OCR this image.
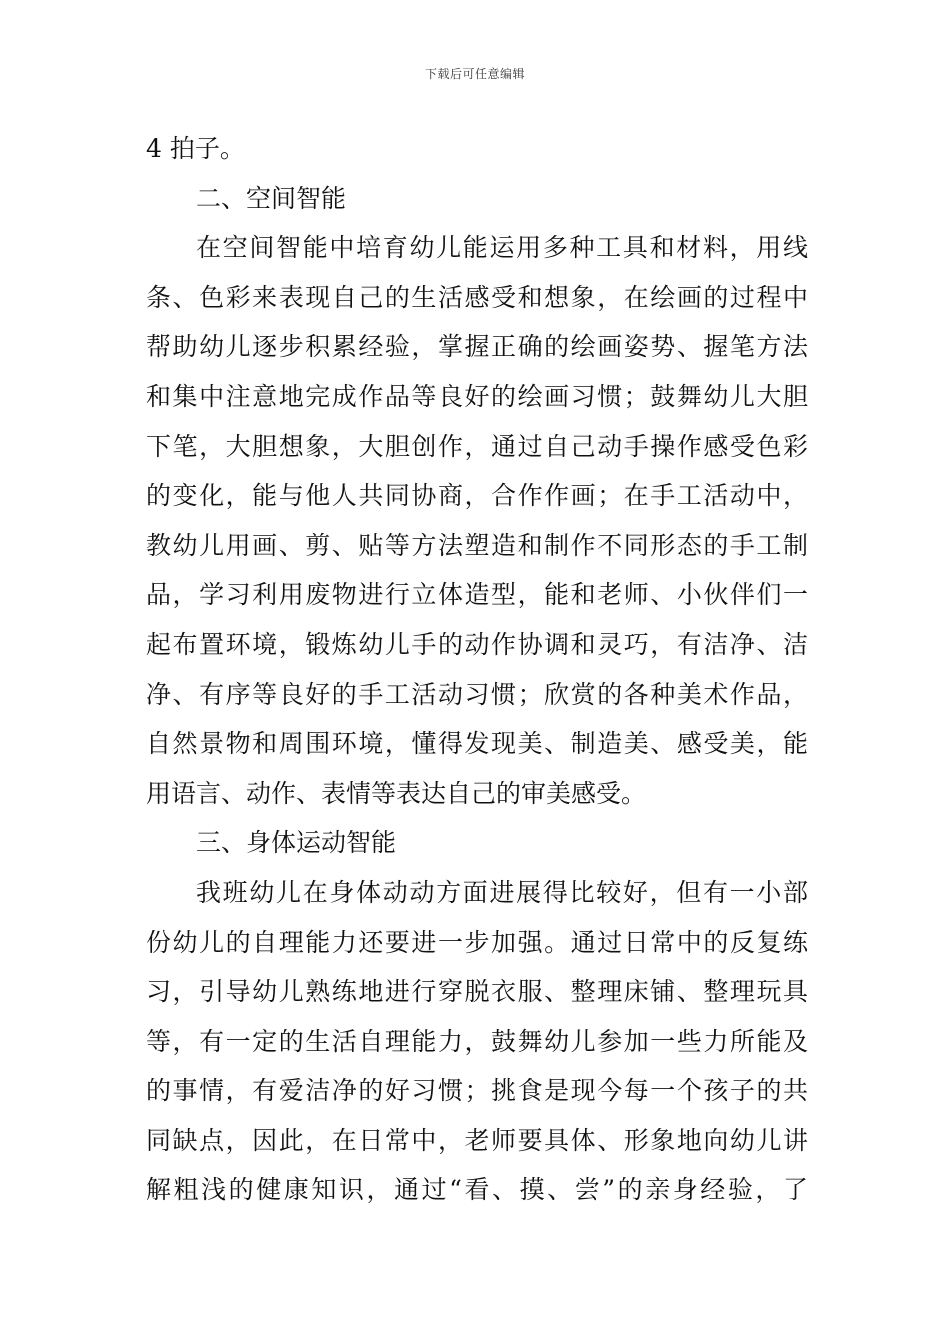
下载后可任意编辑
4 拍子。
二、空间智能
在空间智能中培育幼儿能运用多种工具和材料，用线
条、色彩来表现自己的生活感受和想象，在绘画的过程中
帮助幼儿逐步积累经验，掌握正确的绘画姿势、握笔方法
和集中注意地完成作品等良好的绘画习惯；鼓舞幼儿大胆
下笔，大胆想象，大胆创作，通过自己动手操作感受色彩
的变化，能与他人共同协商，合作作画；在手工活动中，
教幼儿用画、剪、贴等方法塑造和制作不同形态的手工制
品，学习利用废物进行立体造型，能和老师、小伙伴们一
起布置环境，锻炼幼儿手的动作协调和灵巧，有洁净、洁
净、有序等良好的手工活动习惯；欣赏的各种美术作品，
自然景物和周围环境，懂得发现美、制造美、感受美，能
用语言、动作、表情等表达自己的审美感受。
三、身体运动智能
我班幼儿在身体动动方面进展得比较好，但有一小部
份幼儿的自理能力还要进一步加强。通过日常中的反复练
习，引导幼儿熟练地进行穿脱衣服、整理床铺、整理玩具
等，有一定的生活自理能力，鼓舞幼儿参加一些力所能及
的事情，有爱洁净的好习惯；挑食是现今每一个孩子的共
同缺点，因此，在日常中，老师要具体、形象地向幼儿讲
解粗浅的健康知识，通过“看、摸、尝”的亲身经验，了
